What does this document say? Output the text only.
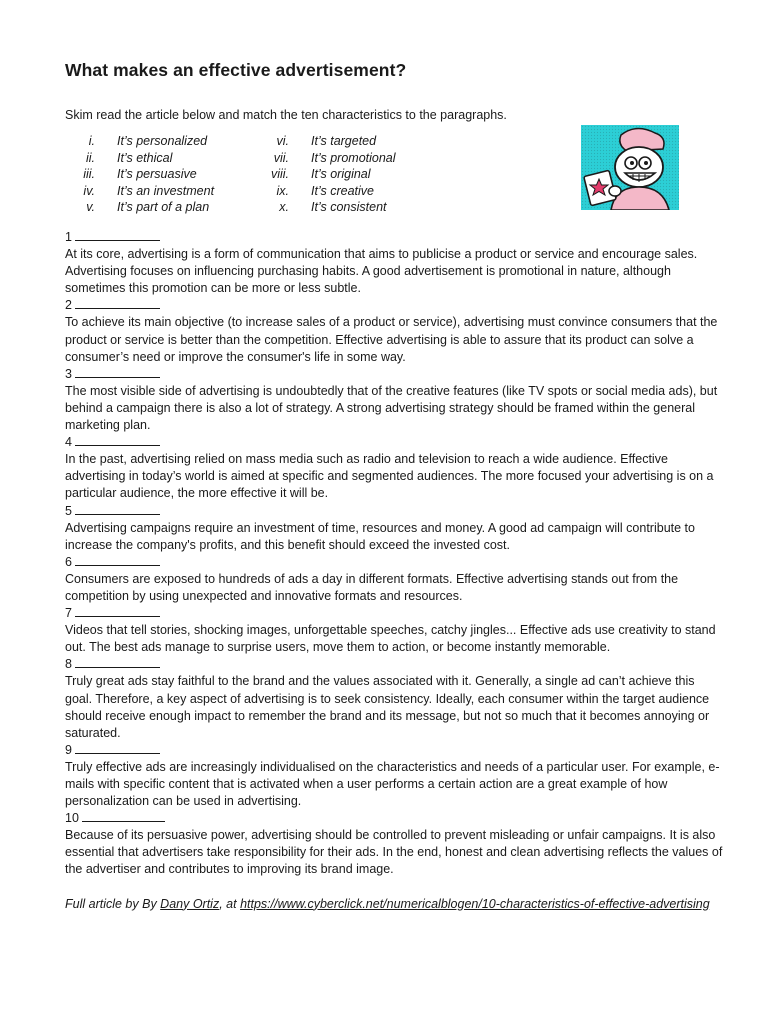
What makes an effective advertisement?

Skim read the article below and match the ten characteristics to the paragraphs.

i. It’s personalized
ii. It’s ethical
iii. It’s persuasive
iv. It’s an investment
v. It’s part of a plan
vi. It’s targeted
vii. It’s promotional
viii. It’s original
ix. It’s creative
x. It’s consistent
1

At its core, advertising is a form of communication that aims to publicise a product or service and encourage sales. Advertising focuses on influencing purchasing habits. A good advertisement is promotional in nature, although sometimes this promotion can be more or less subtle.

2

To achieve its main objective (to increase sales of a product or service), advertising must convince consumers that the product or service is better than the competition. Effective advertising is able to assure that its product can solve a consumer’s need or improve the consumer's life in some way.

3

The most visible side of advertising is undoubtedly that of the creative features (like TV spots or social media ads), but behind a campaign there is also a lot of strategy. A strong advertising strategy should be framed within the general marketing plan.

4

In the past, advertising relied on mass media such as radio and television to reach a wide audience. Effective advertising in today’s world is aimed at specific and segmented audiences. The more focused your advertising is on a particular audience, the more effective it will be.

5

Advertising campaigns require an investment of time, resources and money. A good ad campaign will contribute to increase the company's profits, and this benefit should exceed the invested cost.

6

Consumers are exposed to hundreds of ads a day in different formats. Effective advertising stands out from the competition by using unexpected and innovative formats and resources.

7

Videos that tell stories, shocking images, unforgettable speeches, catchy jingles... Effective ads use creativity to stand out. The best ads manage to surprise users, move them to action, or become instantly memorable.

8

Truly great ads stay faithful to the brand and the values associated with it. Generally, a single ad can’t achieve this goal. Therefore, a key aspect of advertising is to seek consistency. Ideally, each consumer within the target audience should receive enough impact to remember the brand and its message, but not so much that it becomes annoying or saturated.

9

Truly effective ads are increasingly individualised on the characteristics and needs of a particular user. For example, e-mails with specific content that is activated when a user performs a certain action are a great example of how personalization can be used in advertising.

10

Because of its persuasive power, advertising should be controlled to prevent misleading or unfair campaigns. It is also essential that advertisers take responsibility for their ads. In the end, honest and clean advertising reflects the values of the advertiser and contributes to improving its brand image.

Full article by By Dany Ortiz, at https://www.cyberclick.net/numericalblogen/10-characteristics-of-effective-advertising
